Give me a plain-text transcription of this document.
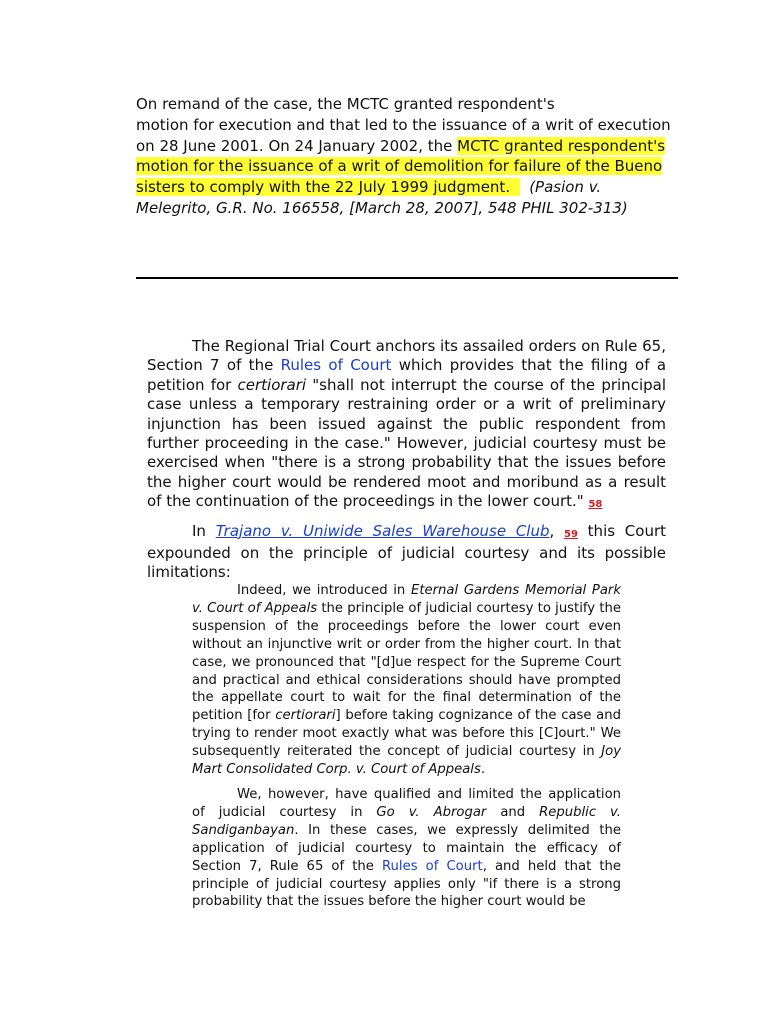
On remand of the case, the MCTC granted respondent's
motion for execution and that led to the issuance of a writ of execution on 28 June 2001. On 24 January 2002, the MCTC granted respondent's motion for the issuance of a writ of demolition for failure of the Bueno sisters to comply with the 22 July 1999 judgment. (Pasion v. Melegrito, G.R. No. 166558, [March 28, 2007], 548 PHIL 302-313)

The Regional Trial Court anchors its assailed orders on Rule 65, Section 7 of the Rules of Court which provides that the filing of a petition for certiorari "shall not interrupt the course of the principal case unless a temporary restraining order or a writ of preliminary injunction has been issued against the public respondent from further proceeding in the case." However, judicial courtesy must be exercised when "there is a strong probability that the issues before the higher court would be rendered moot and moribund as a result of the continuation of the proceedings in the lower court." 58

In Trajano v. Uniwide Sales Warehouse Club, 59 this Court expounded on the principle of judicial courtesy and its possible limitations:

Indeed, we introduced in Eternal Gardens Memorial Park v. Court of Appeals the principle of judicial courtesy to justify the suspension of the proceedings before the lower court even without an injunctive writ or order from the higher court. In that case, we pronounced that "[d]ue respect for the Supreme Court and practical and ethical considerations should have prompted the appellate court to wait for the final determination of the petition [for certiorari] before taking cognizance of the case and trying to render moot exactly what was before this [C]ourt." We subsequently reiterated the concept of judicial courtesy in Joy Mart Consolidated Corp. v. Court of Appeals.

We, however, have qualified and limited the application of judicial courtesy in Go v. Abrogar and Republic v. Sandiganbayan. In these cases, we expressly delimited the application of judicial courtesy to maintain the efficacy of Section 7, Rule 65 of the Rules of Court, and held that the principle of judicial courtesy applies only "if there is a strong probability that the issues before the higher court would be
